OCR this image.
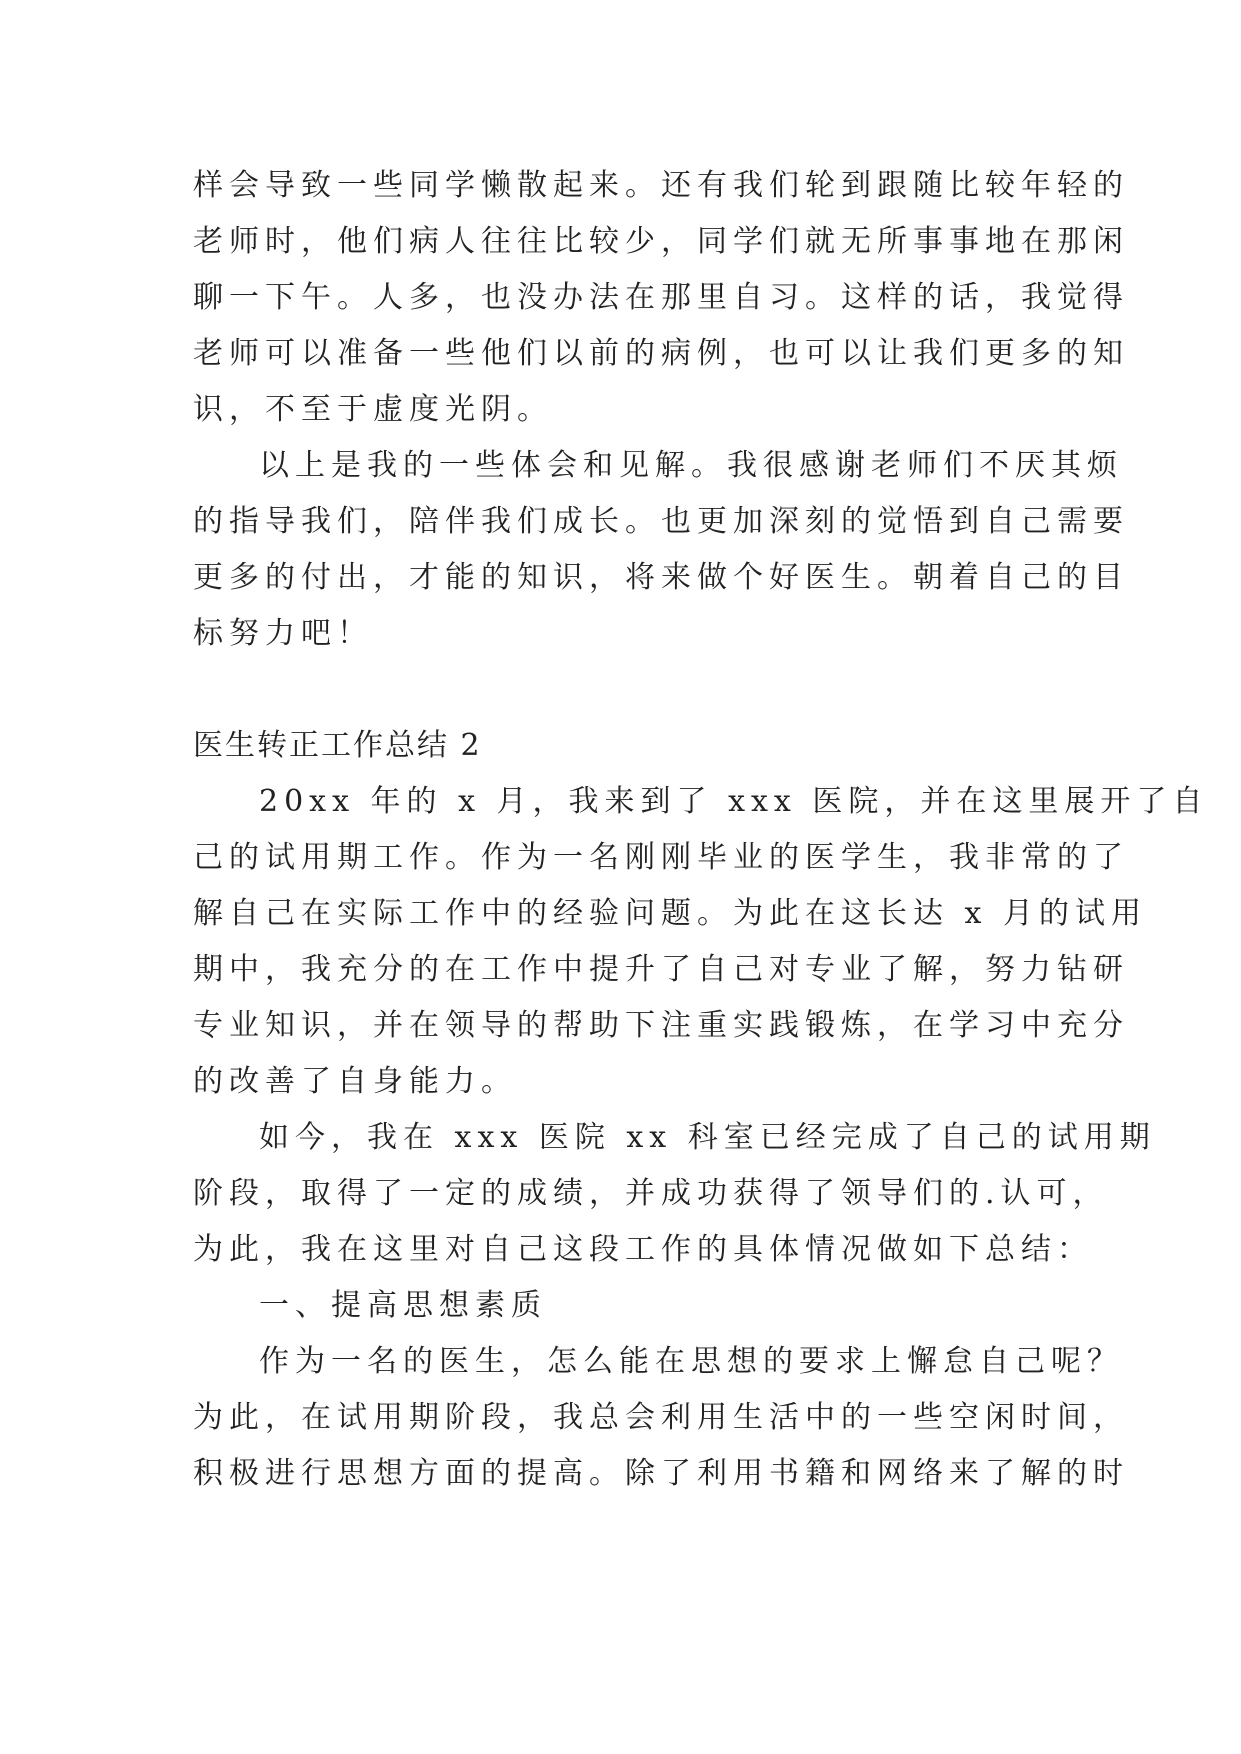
样会导致一些同学懒散起来。还有我们轮到跟随比较年轻的
老师时，他们病人往往比较少，同学们就无所事事地在那闲
聊一下午。人多，也没办法在那里自习。这样的话，我觉得
老师可以准备一些他们以前的病例，也可以让我们更多的知
识，不至于虚度光阴。
以上是我的一些体会和见解。我很感谢老师们不厌其烦
的指导我们，陪伴我们成长。也更加深刻的觉悟到自己需要
更多的付出，才能的知识，将来做个好医生。朝着自己的目
标努力吧！
医生转正工作总结 2
20xx 年的 x 月，我来到了 xxx 医院，并在这里展开了自
己的试用期工作。作为一名刚刚毕业的医学生，我非常的了
解自己在实际工作中的经验问题。为此在这长达 x 月的试用
期中，我充分的在工作中提升了自己对专业了解，努力钻研
专业知识，并在领导的帮助下注重实践锻炼，在学习中充分
的改善了自身能力。
如今，我在 xxx 医院 xx 科室已经完成了自己的试用期
阶段，取得了一定的成绩，并成功获得了领导们的.认可，
为此，我在这里对自己这段工作的具体情况做如下总结：
一、提高思想素质
作为一名的医生，怎么能在思想的要求上懈怠自己呢？
为此，在试用期阶段，我总会利用生活中的一些空闲时间，
积极进行思想方面的提高。除了利用书籍和网络来了解的时
